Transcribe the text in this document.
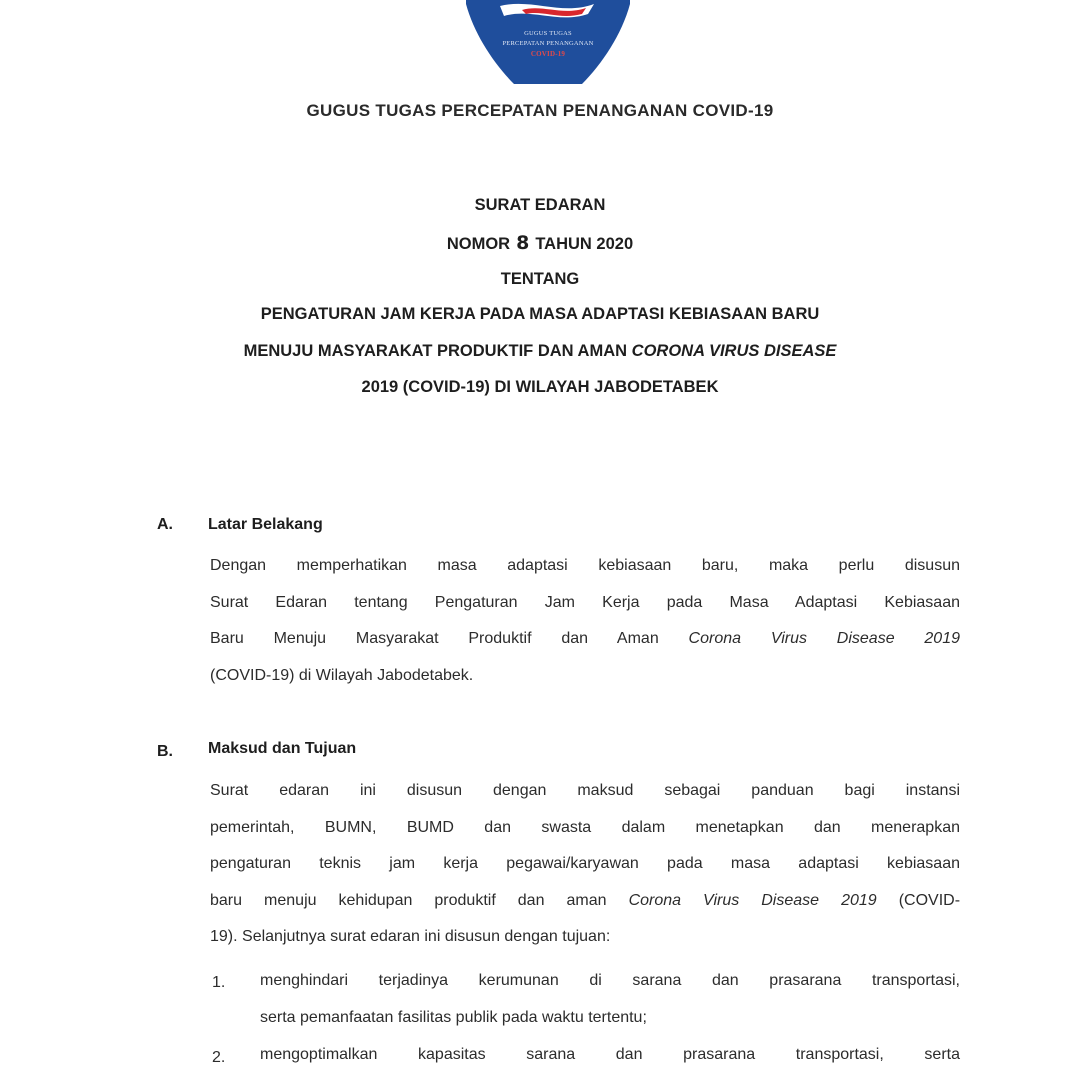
GUGUS TUGAS
PERCEPATAN PENANGANAN
COVID-19
GUGUS TUGAS PERCEPATAN PENANGANAN COVID-19
SURAT EDARAN
NOMOR 8 TAHUN 2020
TENTANG
PENGATURAN JAM KERJA PADA MASA ADAPTASI KEBIASAAN BARU
MENUJU MASYARAKAT PRODUKTIF DAN AMAN CORONA VIRUS DISEASE
2019 (COVID-19) DI WILAYAH JABODETABEK
A. Latar Belakang
Dengan memperhatikan masa adaptasi kebiasaan baru, maka perlu disusun
Surat Edaran tentang Pengaturan Jam Kerja pada Masa Adaptasi Kebiasaan
Baru Menuju Masyarakat Produktif dan Aman Corona Virus Disease 2019
(COVID-19) di Wilayah Jabodetabek.
B. Maksud dan Tujuan
Surat edaran ini disusun dengan maksud sebagai panduan bagi instansi
pemerintah, BUMN, BUMD dan swasta dalam menetapkan dan menerapkan
pengaturan teknis jam kerja pegawai/karyawan pada masa adaptasi kebiasaan
baru menuju kehidupan produktif dan aman Corona Virus Disease 2019 (COVID-
19). Selanjutnya surat edaran ini disusun dengan tujuan:
1. menghindari terjadinya kerumunan di sarana dan prasarana transportasi,
serta pemanfaatan fasilitas publik pada waktu tertentu;
2. mengoptimalkan kapasitas sarana dan prasarana transportasi, serta
